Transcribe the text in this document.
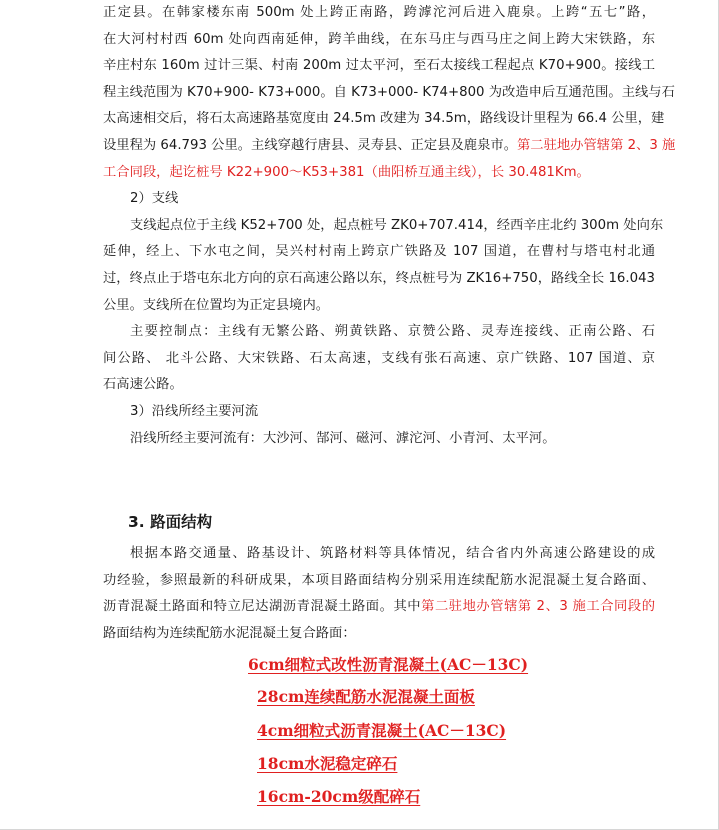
正定县。在韩家楼东南 500m 处上跨正南路，跨滹沱河后进入鹿泉。上跨“五七”路，
在大河村村西 60m 处向西南延伸，跨羊曲线，在东马庄与西马庄之间上跨大宋铁路，东
辛庄村东 160m 过计三渠、村南 200m 过太平河，至石太接线工程起点 K70+900。接线工
程主线范围为 K70+900- K73+000。自 K73+000- K74+800 为改造申后互通范围。主线与石
太高速相交后，将石太高速路基宽度由 24.5m 改建为 34.5m，路线设计里程为 66.4 公里，建
设里程为 64.793 公里。主线穿越行唐县、灵寿县、正定县及鹿泉市。第二驻地办管辖第 2、3 施
工合同段，起讫桩号 K22+900～K53+381（曲阳桥互通主线），长 30.481Km。
2）支线
支线起点位于主线 K52+700 处，起点桩号 ZK0+707.414，经西辛庄北约 300m 处向东
延伸，经上、下水屯之间，吴兴村村南上跨京广铁路及 107 国道，在曹村与塔屯村北通
过，终点止于塔屯东北方向的京石高速公路以东，终点桩号为 ZK16+750，路线全长 16.043
公里。支线所在位置均为正定县境内。
主要控制点：主线有无繁公路、朔黄铁路、京赞公路、灵寿连接线、正南公路、石
间公路、 北斗公路、大宋铁路、石太高速，支线有张石高速、京广铁路、107 国道、京
石高速公路。
3）沿线所经主要河流
沿线所经主要河流有：大沙河、郜河、磁河、滹沱河、小青河、太平河。
3. 路面结构
根据本路交通量、路基设计、筑路材料等具体情况，结合省内外高速公路建设的成
功经验，参照最新的科研成果，本项目路面结构分别采用连续配筋水泥混凝土复合路面、
沥青混凝土路面和特立尼达湖沥青混凝土路面。其中第二驻地办管辖第 2、3 施工合同段的
路面结构为连续配筋水泥混凝土复合路面：
6cm细粒式改性沥青混凝土(AC－13C)
28cm连续配筋水泥混凝土面板
4cm细粒式沥青混凝土(AC－13C)
18cm水泥稳定碎石
16cm-20cm级配碎石
